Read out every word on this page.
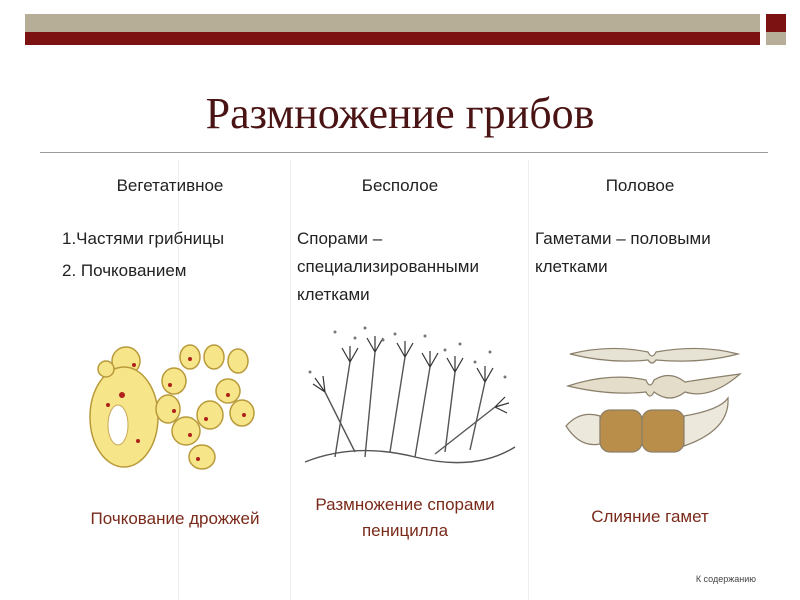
Размножение грибов
Вегетативное	Бесполое	Половое
1.Частями грибницы
2. Почкованием
Спорами –
специализированными
клетками
Гаметами – половыми
клетками
Почкование дрожжей
Размножение спорами
пеницилла
Слияние гамет
К содержанию
